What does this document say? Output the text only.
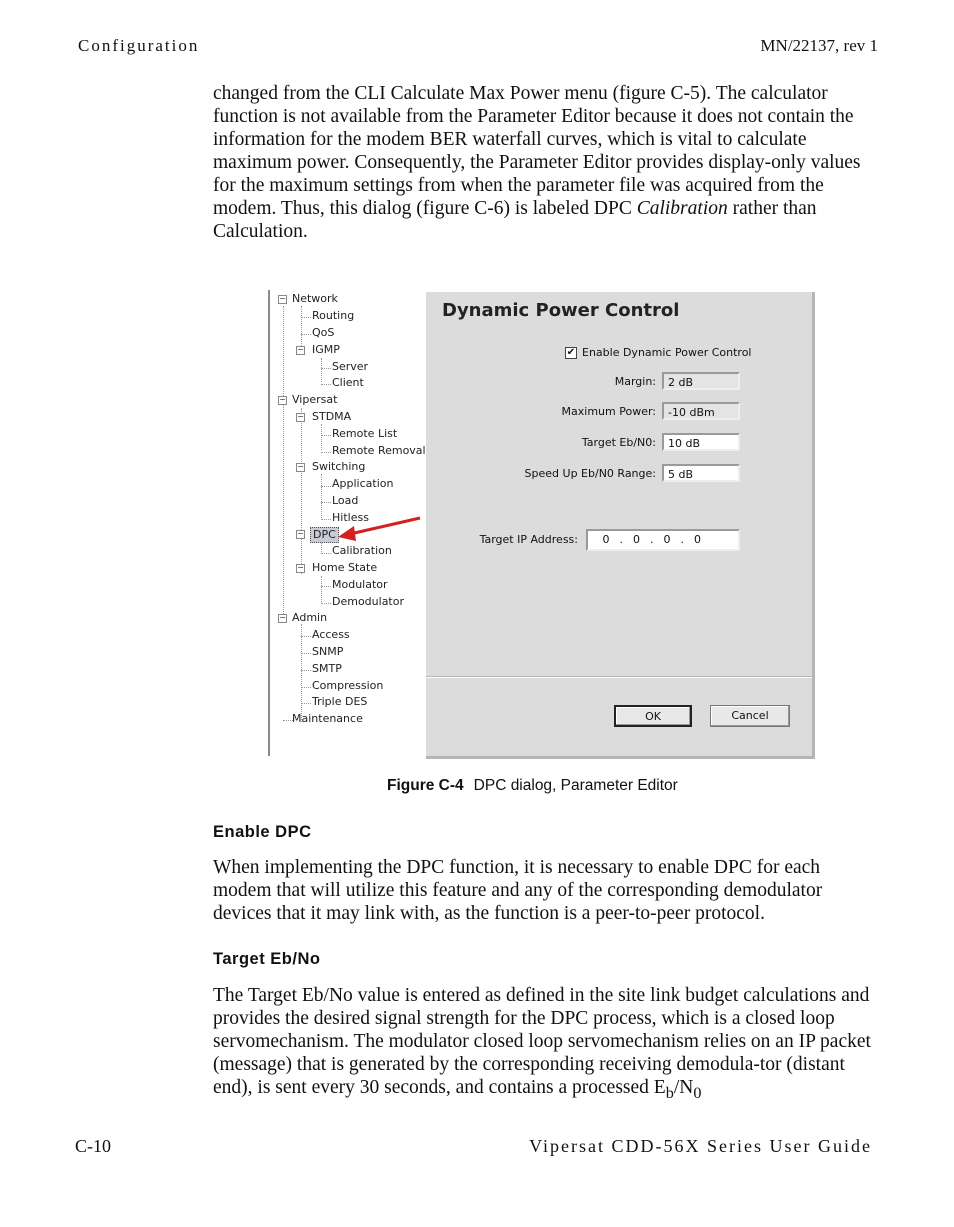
Configuration	MN/22137, rev 1

changed from the CLI Calculate Max Power menu (figure C-5). The calculator function is not available from the Parameter Editor because it does not contain the information for the modem BER waterfall curves, which is vital to calculate maximum power. Consequently, the Parameter Editor provides display-only values for the maximum settings from when the parameter file was acquired from the modem. Thus, this dialog (figure C-6) is labeled DPC Calibration rather than Calculation.

−
−
−
−
−
−
−
−
Network
Routing
QoS
IGMP
Server
Client
Vipersat
STDMA
Remote List
Remote Removal
Switching
Application
Load
Hitless
DPC
Calibration
Home State
Modulator
Demodulator
Admin
Access
SNMP
SMTP
Compression
Triple DES
Maintenance
Dynamic Power Control
✔ Enable Dynamic Power Control
Margin:	2 dB
Maximum Power:	-10 dBm
Target Eb/N0:	10 dB
Speed Up Eb/N0 Range:	5 dB
Target IP Address:	0 . 0 . 0 . 0
OK	Cancel
Figure C-4 DPC dialog, Parameter Editor
Enable DPC

When implementing the DPC function, it is necessary to enable DPC for each modem that will utilize this feature and any of the corresponding demodulator devices that it may link with, as the function is a peer-to-peer protocol.

Target Eb/No

The Target Eb/No value is entered as defined in the site link budget calculations and provides the desired signal strength for the DPC process, which is a closed loop servomechanism. The modulator closed loop servomechanism relies on an IP packet (message) that is generated by the corresponding receiving demodula-tor (distant end), is sent every 30 seconds, and contains a processed $E_b/N_0$

C-10	Vipersat CDD-56X Series User Guide
